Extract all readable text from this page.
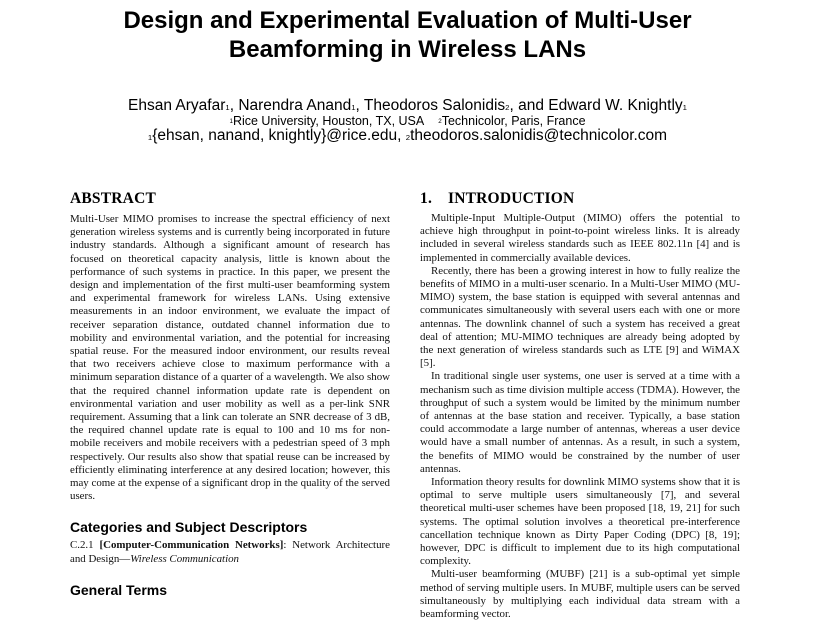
Design and Experimental Evaluation of Multi-User
Beamforming in Wireless LANs
Ehsan Aryafar$^1$, Narendra Anand$^1$, Theodoros Salonidis$^2$, and Edward W. Knightly$^1$
$^1$Rice University, Houston, TX, USA $^2$Technicolor, Paris, France
$^1${ehsan, nanand, knightly}@rice.edu, $^2$theodoros.salonidis@technicolor.com
ABSTRACT

Multi-User MIMO promises to increase the spectral efficiency of next generation wireless systems and is currently being incorporated in future industry standards. Although a significant amount of research has focused on theoretical capacity analysis, little is known about the performance of such systems in practice. In this paper, we present the design and implementation of the first multi-user beamforming system and experimental framework for wireless LANs. Using extensive measurements in an indoor environment, we evaluate the impact of receiver separation distance, outdated channel information due to mobility and environmental variation, and the potential for increasing spatial reuse. For the measured indoor environment, our results reveal that two receivers achieve close to maximum performance with a minimum separation distance of a quarter of a wavelength. We also show that the required channel information update rate is dependent on environmental variation and user mobility as well as a per-link SNR requirement. Assuming that a link can tolerate an SNR decrease of 3 dB, the required channel update rate is equal to 100 and 10 ms for non-mobile receivers and mobile receivers with a pedestrian speed of 3 mph respectively. Our results also show that spatial reuse can be increased by efficiently eliminating interference at any desired location; however, this may come at the expense of a significant drop in the quality of the served users.

Categories and Subject Descriptors

C.2.1 [Computer-Communication Networks]: Network Architecture and Design—Wireless Communication

General Terms
1. INTRODUCTION

Multiple-Input Multiple-Output (MIMO) offers the potential to achieve high throughput in point-to-point wireless links. It is already included in several wireless standards such as IEEE 802.11n [4] and is implemented in commercially available devices.

Recently, there has been a growing interest in how to fully realize the benefits of MIMO in a multi-user scenario. In a Multi-User MIMO (MU-MIMO) system, the base station is equipped with several antennas and communicates simultaneously with several users each with one or more antennas. The downlink channel of such a system has received a great deal of attention; MU-MIMO techniques are already being adopted by the next generation of wireless standards such as LTE [9] and WiMAX [5].

In traditional single user systems, one user is served at a time with a mechanism such as time division multiple access (TDMA). However, the throughput of such a system would be limited by the minimum number of antennas at the base station and receiver. Typically, a base station could accommodate a large number of antennas, whereas a user device would have a small number of antennas. As a result, in such a system, the benefits of MIMO would be constrained by the number of user antennas.

Information theory results for downlink MIMO systems show that it is optimal to serve multiple users simultaneously [7], and several theoretical multi-user schemes have been proposed [18, 19, 21] for such systems. The optimal solution involves a theoretical pre-interference cancellation technique known as Dirty Paper Coding (DPC) [8, 19]; however, DPC is difficult to implement due to its high computational complexity.

Multi-user beamforming (MUBF) [21] is a sub-optimal yet simple method of serving multiple users. In MUBF, multiple users can be served simultaneously by multiplying each individual data stream with a beamforming vector.
